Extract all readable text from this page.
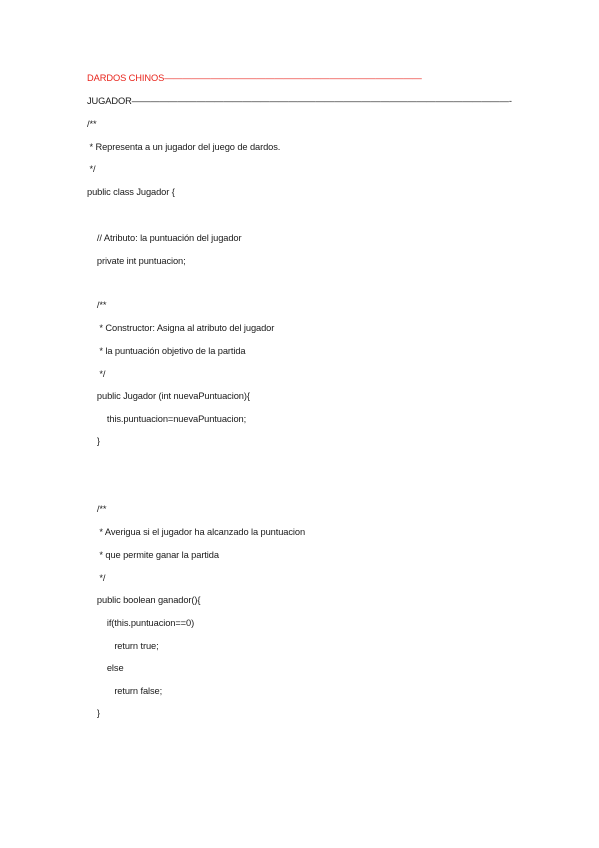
DARDOS CHINOS————————————————————————————
JUGADOR—————————————————————————————————————————-
/**
* Representa a un jugador del juego de dardos.
*/
public class Jugador {
// Atributo: la puntuación del jugador
private int puntuacion;
/**
* Constructor: Asigna al atributo del jugador
* la puntuación objetivo de la partida
*/
public Jugador (int nuevaPuntuacion){
this.puntuacion=nuevaPuntuacion;
}
/**
* Averigua si el jugador ha alcanzado la puntuacion
* que permite ganar la partida
*/
public boolean ganador(){
if(this.puntuacion==0)
return true;
else
return false;
}
